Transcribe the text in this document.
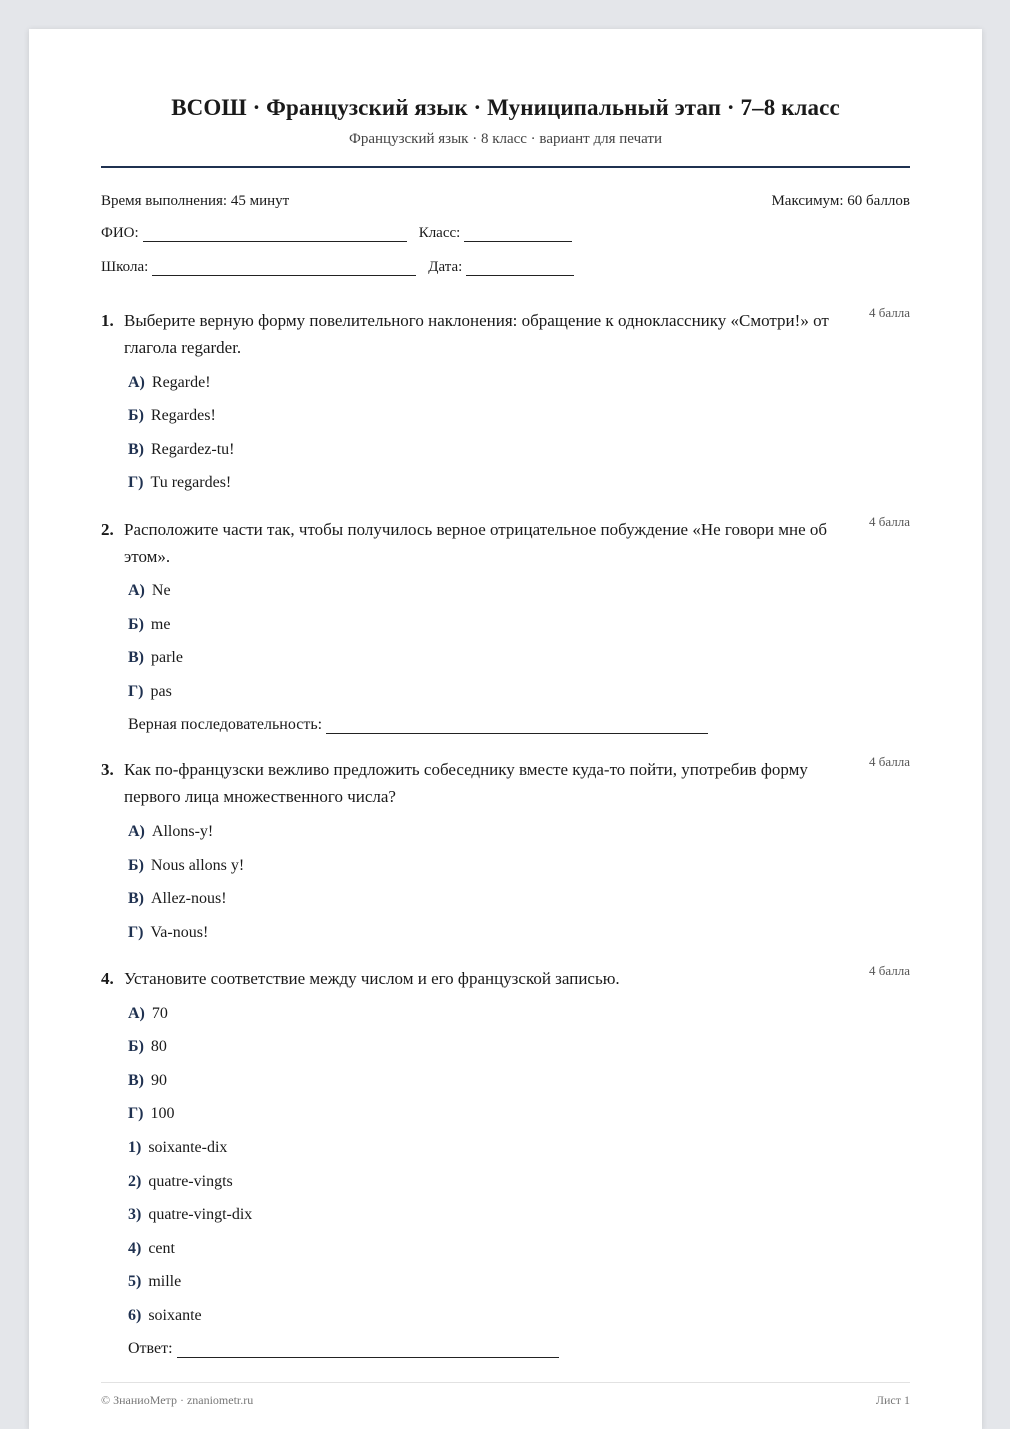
ВСОШ · Французский язык · Муниципальный этап · 7–8 класс
Французский язык · 8 класс · вариант для печати
Время выполнения: 45 минут	Максимум: 60 баллов
ФИО:	Класс:
Школа:	Дата:
1. Выберите верную форму повелительного наклонения: обращение к однокласснику «Смотри!» от глагола regarder.
4 балла
А) Regarde!
Б) Regardes!
В) Regardez-tu!
Г) Tu regardes!
2. Расположите части так, чтобы получилось верное отрицательное побуждение «Не говори мне об этом».
4 балла
А) Ne
Б) me
В) parle
Г) pas
Верная последовательность:
3. Как по-французски вежливо предложить собеседнику вместе куда-то пойти, употребив форму первого лица множественного числа?
4 балла
А) Allons-y!
Б) Nous allons y!
В) Allez-nous!
Г) Va-nous!
4. Установите соответствие между числом и его французской записью.	4 балла
А) 70
Б) 80
В) 90
Г) 100
1) soixante-dix
2) quatre-vingts
3) quatre-vingt-dix
4) cent
5) mille
6) soixante
Ответ:
© ЗнаниоМетр · znaniometr.ru	Лист 1
